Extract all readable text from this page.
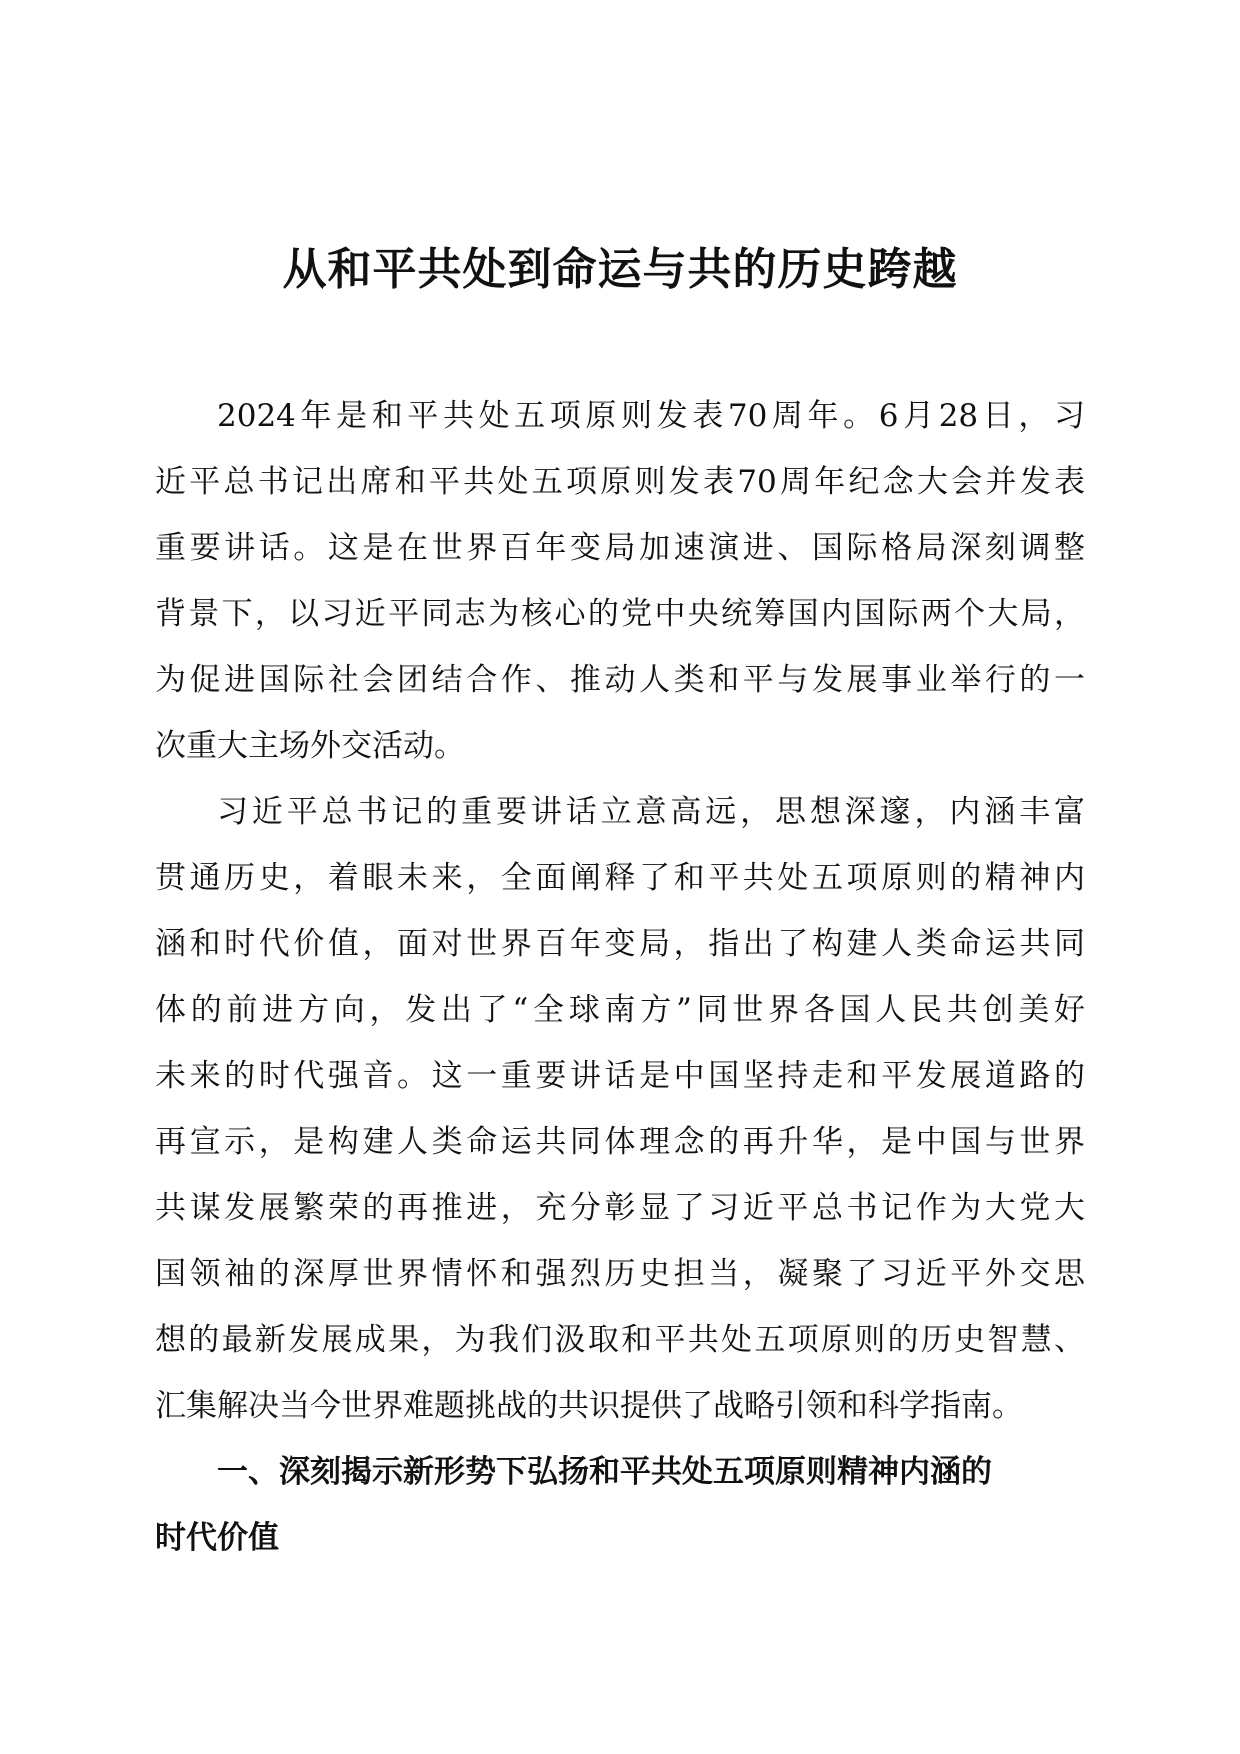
从和平共处到命运与共的历史跨越
2024年是和平共处五项原则发表70周年。6月28日，习
近平总书记出席和平共处五项原则发表70周年纪念大会并发表
重要讲话。这是在世界百年变局加速演进、国际格局深刻调整
背景下，以习近平同志为核心的党中央统筹国内国际两个大局，
为促进国际社会团结合作、推动人类和平与发展事业举行的一
次重大主场外交活动。
习近平总书记的重要讲话立意高远，思想深邃，内涵丰富
贯通历史，着眼未来，全面阐释了和平共处五项原则的精神内
涵和时代价值，面对世界百年变局，指出了构建人类命运共同
体的前进方向，发出了“全球南方”同世界各国人民共创美好
未来的时代强音。这一重要讲话是中国坚持走和平发展道路的
再宣示，是构建人类命运共同体理念的再升华，是中国与世界
共谋发展繁荣的再推进，充分彰显了习近平总书记作为大党大
国领袖的深厚世界情怀和强烈历史担当，凝聚了习近平外交思
想的最新发展成果，为我们汲取和平共处五项原则的历史智慧、
汇集解决当今世界难题挑战的共识提供了战略引领和科学指南。
一、深刻揭示新形势下弘扬和平共处五项原则精神内涵的
时代价值
